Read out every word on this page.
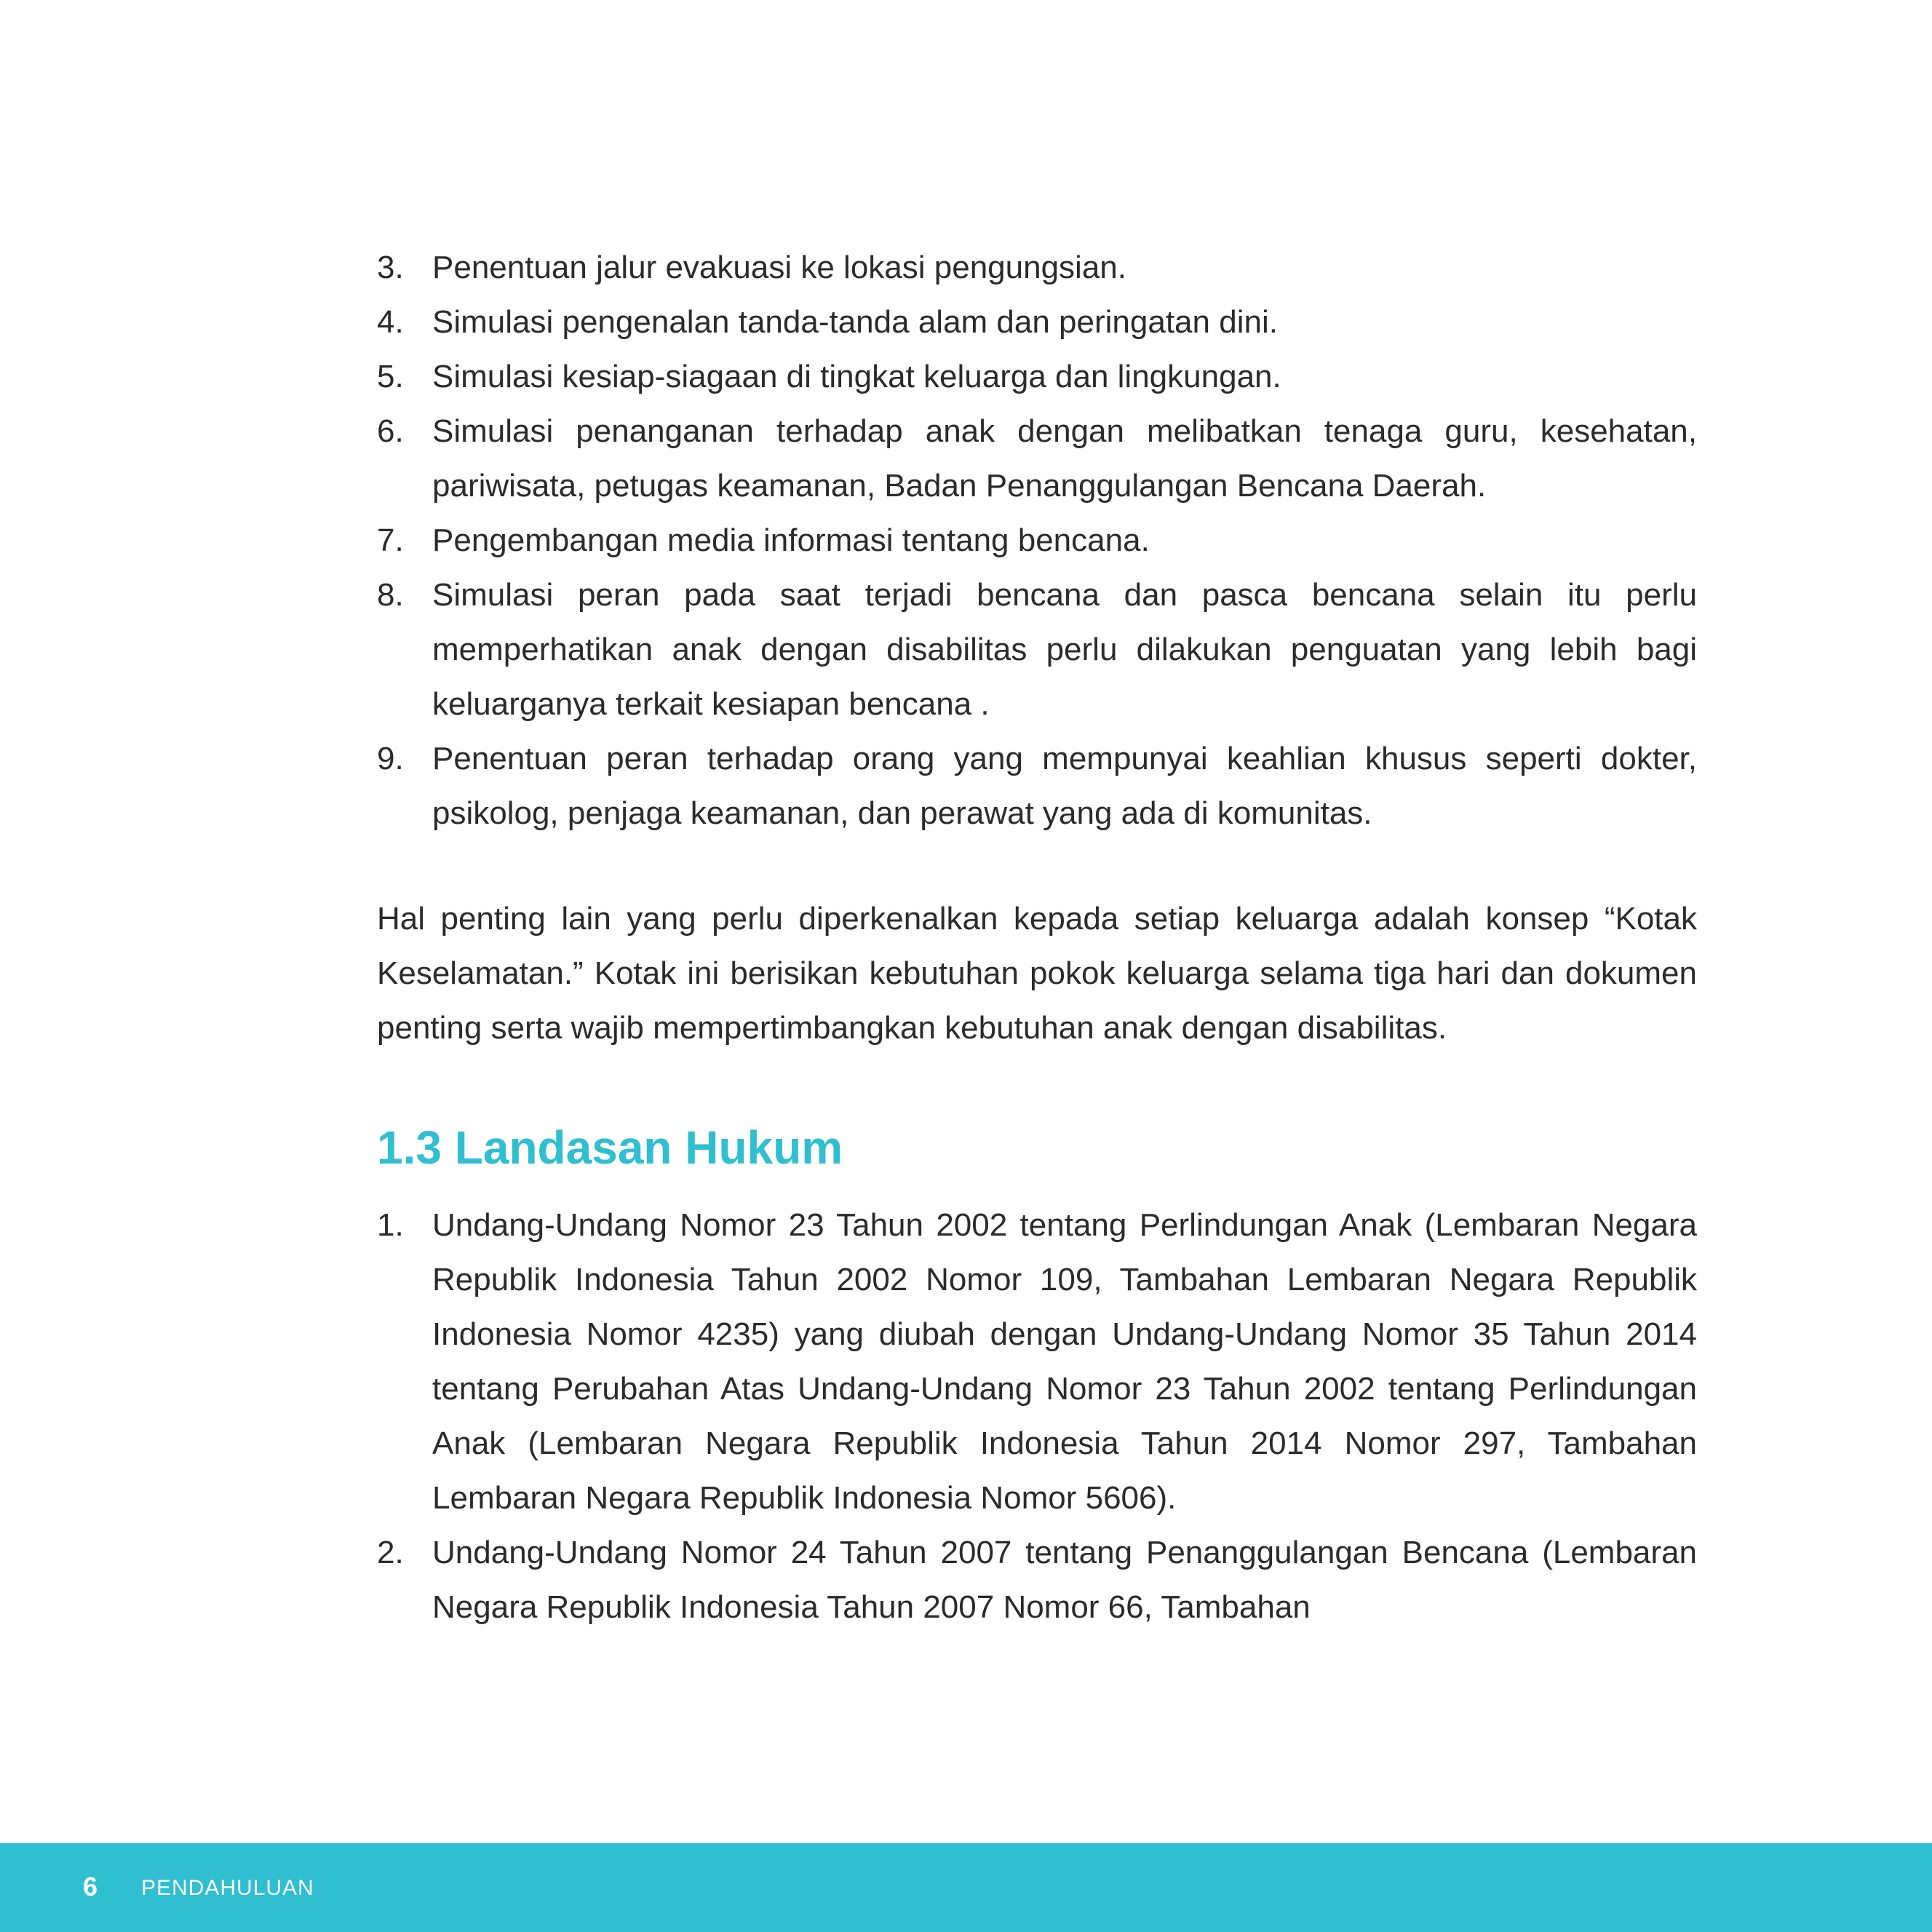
3. Penentuan jalur evakuasi ke lokasi pengungsian.
4. Simulasi pengenalan tanda-tanda alam dan peringatan dini.
5. Simulasi kesiap-siagaan di tingkat keluarga dan lingkungan.
6. Simulasi penanganan terhadap anak dengan melibatkan tenaga guru, kesehatan, pariwisata, petugas keamanan, Badan Penanggulangan Bencana Daerah.
7. Pengembangan media informasi tentang bencana.
8. Simulasi peran pada saat terjadi bencana dan pasca bencana selain itu perlu memperhatikan anak dengan disabilitas perlu dilakukan penguatan yang lebih bagi keluarganya terkait kesiapan bencana .
9. Penentuan peran terhadap orang yang mempunyai keahlian khusus seperti dokter, psikolog, penjaga keamanan, dan perawat yang ada di komunitas.

Hal penting lain yang perlu diperkenalkan kepada setiap keluarga adalah konsep “Kotak Keselamatan.” Kotak ini berisikan kebutuhan pokok keluarga selama tiga hari dan dokumen penting serta wajib mempertimbangkan kebutuhan anak dengan disabilitas.

1.3 Landasan Hukum
1. Undang-Undang Nomor 23 Tahun 2002 tentang Perlindungan Anak (Lembaran Negara Republik Indonesia Tahun 2002 Nomor 109, Tambahan Lembaran Negara Republik Indonesia Nomor 4235) yang diubah dengan Undang-Undang Nomor 35 Tahun 2014 tentang Perubahan Atas Undang-Undang Nomor 23 Tahun 2002 tentang Perlindungan Anak (Lembaran Negara Republik Indonesia Tahun 2014 Nomor 297, Tambahan Lembaran Negara Republik Indonesia Nomor 5606).
2. Undang-Undang Nomor 24 Tahun 2007 tentang Penanggulangan Bencana (Lembaran Negara Republik Indonesia Tahun 2007 Nomor 66, Tambahan
6 PENDAHULUAN
